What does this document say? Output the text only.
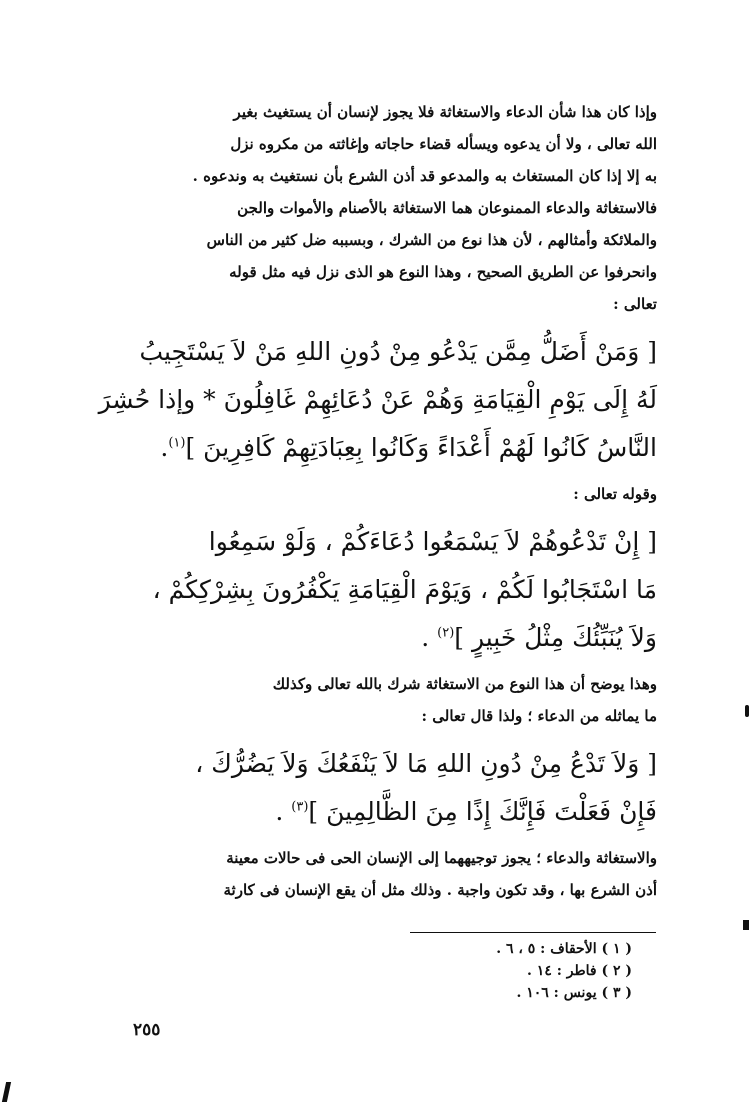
وإذا كان هذا شأن الدعاء والاستغاثة فلا يجوز لإنسان أن يستغيث بغير
الله تعالى ، ولا أن يدعوه ويسأله قضاء حاجاته وإغاثته من مكروه نزل
به إلا إذا كان المستغاث به والمدعو قد أذن الشرع بأن نستغيث به وندعوه .
فالاستغاثة والدعاء الممنوعان هما الاستغاثة بالأصنام والأموات والجن
والملائكة وأمثالهم ، لأن هذا نوع من الشرك ، وبسببه ضل كثير من الناس
وانحرفوا عن الطريق الصحيح ، وهذا النوع هو الذى نزل فيه مثل قوله
تعالى :
[ وَمَنْ أَضَلُّ مِمَّن يَدْعُو مِنْ دُونِ اللهِ مَنْ لاَ يَسْتَجِيبُ
لَهُ إِلَى يَوْمِ الْقِيَامَةِ وَهُمْ عَنْ دُعَائِهِمْ غَافِلُونَ * وإذا حُشِرَ
النَّاسُ كَانُوا لَهُمْ أَعْدَاءً وَكَانُوا بِعِبَادَتِهِمْ كَافِرِينَ ]$^{(١)}$.
وقوله تعالى :
[ إِنْ تَدْعُوهُمْ لاَ يَسْمَعُوا دُعَاءَكُمْ ، وَلَوْ سَمِعُوا
مَا اسْتَجَابُوا لَكُمْ ، وَيَوْمَ الْقِيَامَةِ يَكْفُرُونَ بِشِرْكِكُمْ ،
وَلاَ يُنَبِّئُكَ مِثْلُ خَبِيرٍ ]$^{(٢)}$ .
وهذا يوضح أن هذا النوع من الاستغاثة شرك بالله تعالى وكذلك
ما يماثله من الدعاء ؛ ولذا قال تعالى :
[ وَلاَ تَدْعُ مِنْ دُونِ اللهِ مَا لاَ يَنْفَعُكَ وَلاَ يَضُرُّكَ ،
فَإِنْ فَعَلْتَ فَإِنَّكَ إِذًا مِنَ الظَّالِمِينَ ]$^{(٣)}$ .
والاستغاثة والدعاء ؛ يجوز توجيههما إلى الإنسان الحى فى حالات معينة
أذن الشرع بها ، وقد تكون واجبة . وذلك مثل أن يقع الإنسان فى كارثة
( ١ ) الأحقاف : ٥ ، ٦ .
( ٢ ) فاطر : ١٤ .
( ٣ ) يونس : ١٠٦ .
٢٥٥
